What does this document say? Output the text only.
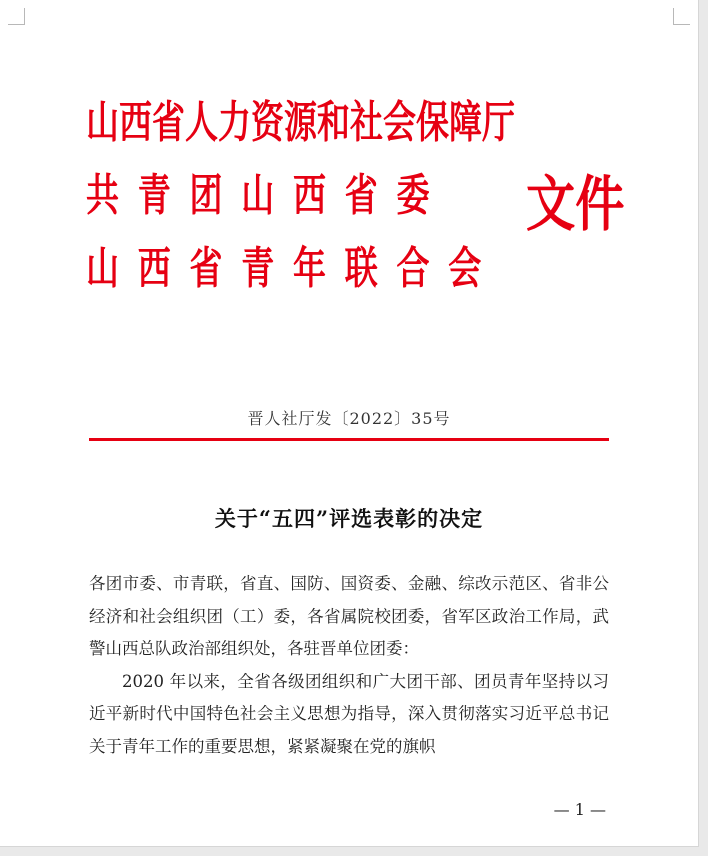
山西省人力资源和社会保障厅
共青团山西省委
山西省青年联合会
文件
晋人社厅发〔2022〕35号
关于“五四”评选表彰的决定

各团市委、市青联，省直、国防、国资委、金融、综改示范区、省非公经济和社会组织团（工）委，各省属院校团委，省军区政治工作局，武警山西总队政治部组织处，各驻晋单位团委：

2020 年以来，全省各级团组织和广大团干部、团员青年坚持以习近平新时代中国特色社会主义思想为指导，深入贯彻落实习近平总书记关于青年工作的重要思想，紧紧凝聚在党的旗帜

— 1 —
